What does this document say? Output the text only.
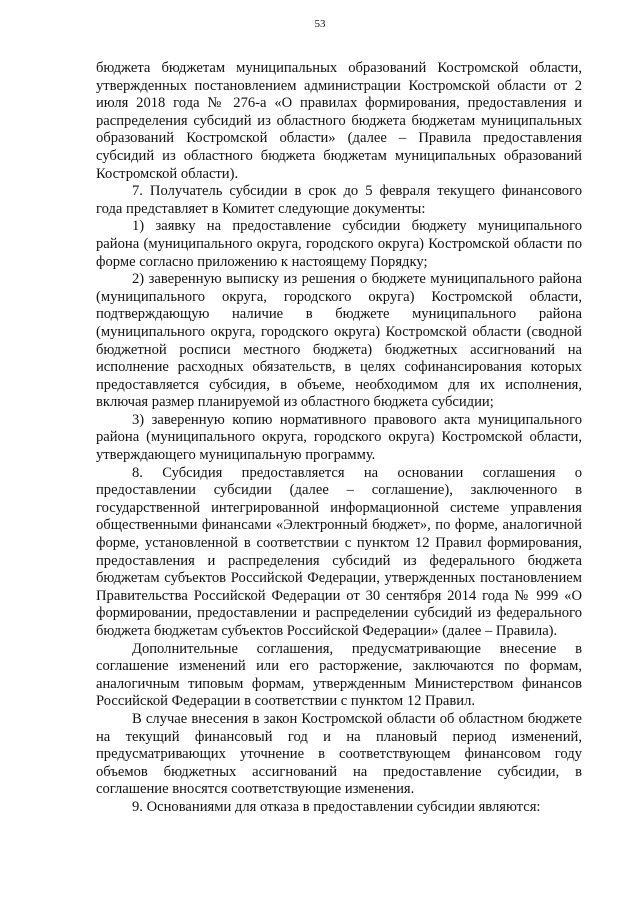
53

бюджета бюджетам муниципальных образований Костромской области, утвержденных постановлением администрации Костромской области от 2 июля 2018 года № 276-а «О правилах формирования, предоставления и распределения субсидий из областного бюджета бюджетам муниципальных образований Костромской области» (далее – Правила предоставления субсидий из областного бюджета бюджетам муниципальных образований Костромской области).

7. Получатель субсидии в срок до 5 февраля текущего финансового года представляет в Комитет следующие документы:

1) заявку на предоставление субсидии бюджету муниципального района (муниципального округа, городского округа) Костромской области по форме согласно приложению к настоящему Порядку;

2) заверенную выписку из решения о бюджете муниципального района (муниципального округа, городского округа) Костромской области, подтверждающую наличие в бюджете муниципального района (муниципального округа, городского округа) Костромской области (сводной бюджетной росписи местного бюджета) бюджетных ассигнований на исполнение расходных обязательств, в целях софинансирования которых предоставляется субсидия, в объеме, необходимом для их исполнения, включая размер планируемой из областного бюджета субсидии;

3) заверенную копию нормативного правового акта муниципального района (муниципального округа, городского округа) Костромской области, утверждающего муниципальную программу.

8. Субсидия предоставляется на основании соглашения о предоставлении субсидии (далее – соглашение), заключенного в государственной интегрированной информационной системе управления общественными финансами «Электронный бюджет», по форме, аналогичной форме, установленной в соответствии с пунктом 12 Правил формирования, предоставления и распределения субсидий из федерального бюджета бюджетам субъектов Российской Федерации, утвержденных постановлением Правительства Российской Федерации от 30 сентября 2014 года № 999 «О формировании, предоставлении и распределении субсидий из федерального бюджета бюджетам субъектов Российской Федерации» (далее – Правила).

Дополнительные соглашения, предусматривающие внесение в соглашение изменений или его расторжение, заключаются по формам, аналогичным типовым формам, утвержденным Министерством финансов Российской Федерации в соответствии с пунктом 12 Правил.

В случае внесения в закон Костромской области об областном бюджете на текущий финансовый год и на плановый период изменений, предусматривающих уточнение в соответствующем финансовом году объемов бюджетных ассигнований на предоставление субсидии, в соглашение вносятся соответствующие изменения.

9. Основаниями для отказа в предоставлении субсидии являются:
